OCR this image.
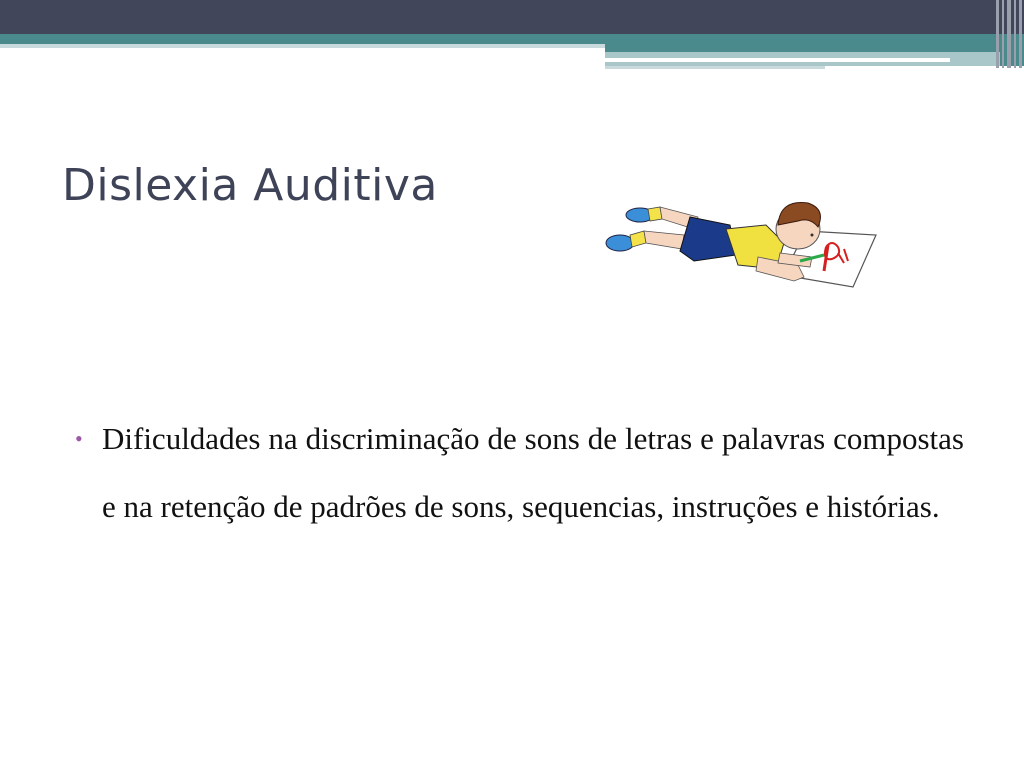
Dislexia Auditiva
• Dificuldades na discriminação de sons de letras e palavras compostas e na retenção de padrões de sons, sequencias, instruções e histórias.
